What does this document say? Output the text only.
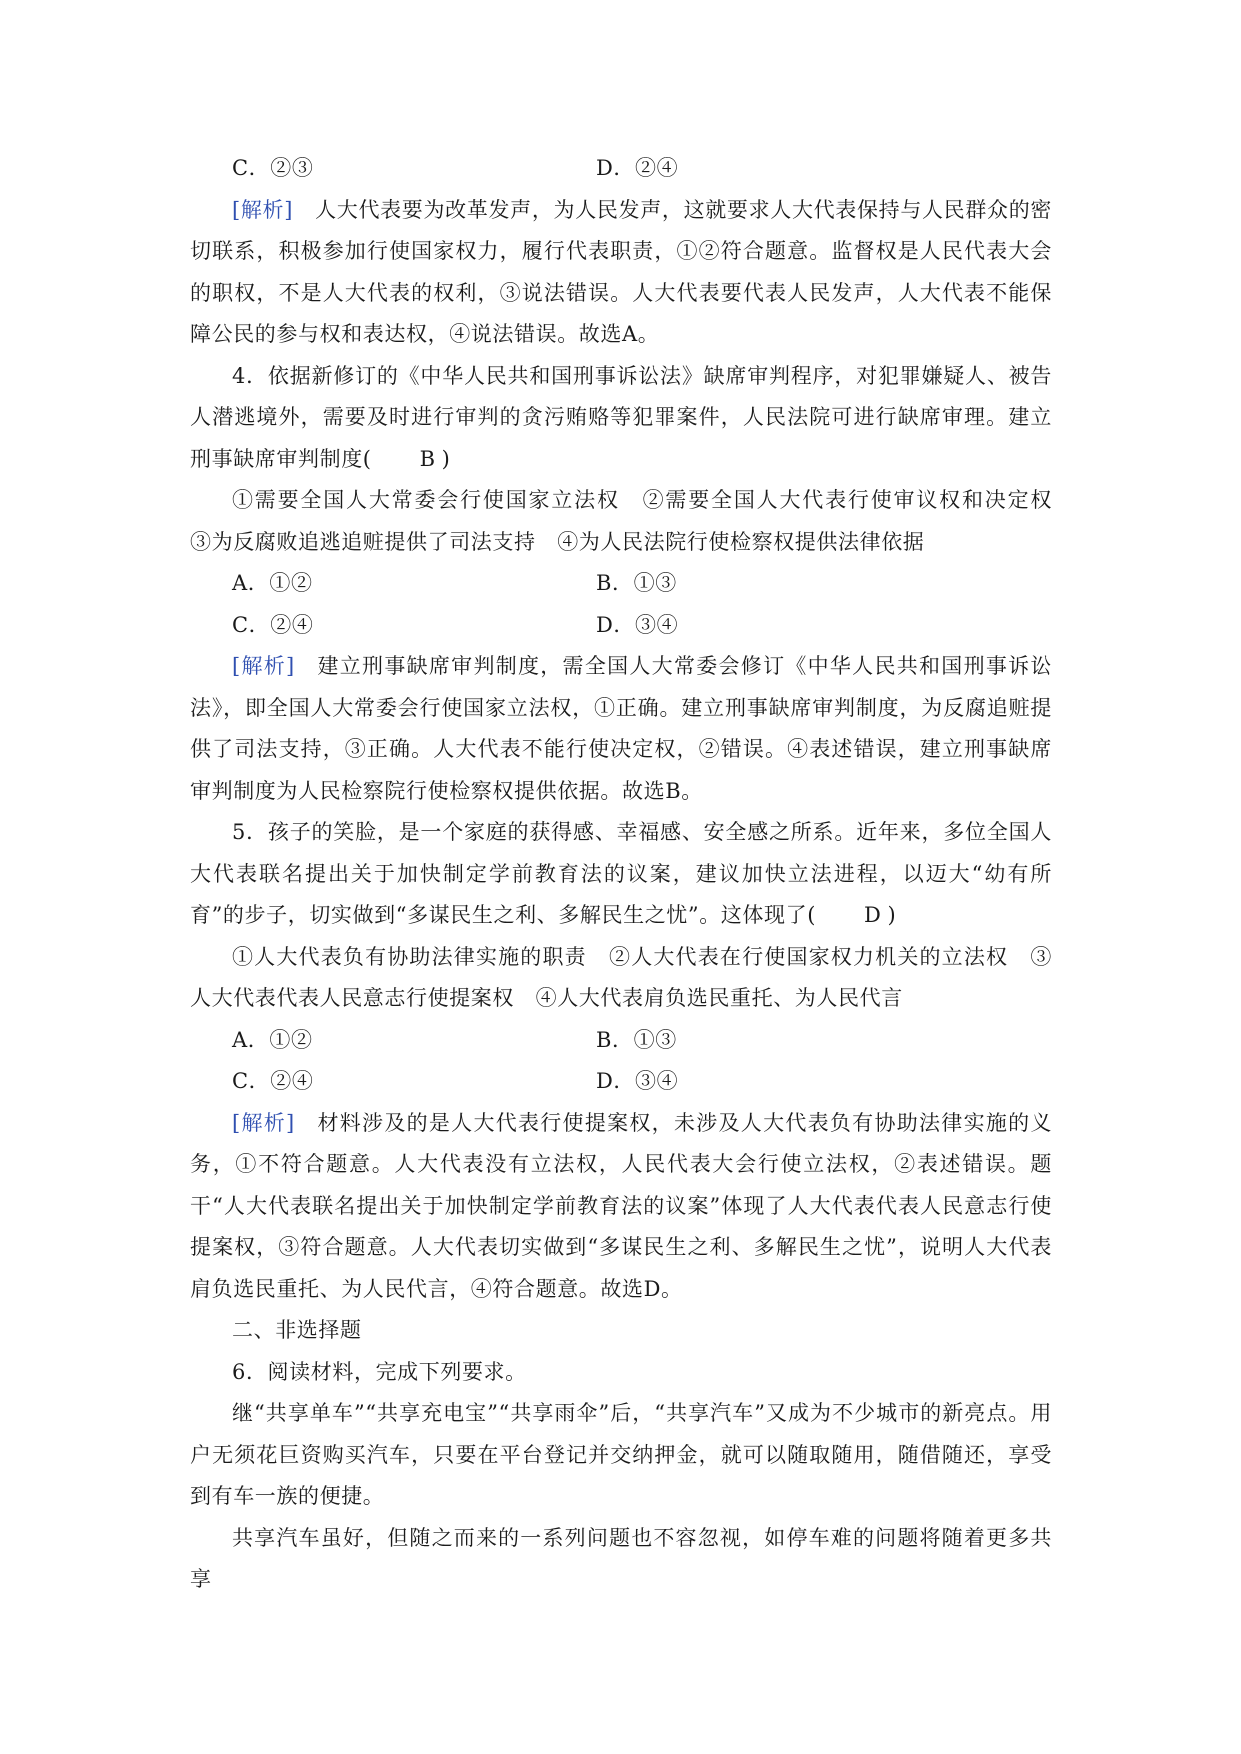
C．②③	D．②④
[解析] 人大代表要为改革发声，为人民发声，这就要求人大代表保持与人民群众的密切联系，积极参加行使国家权力，履行代表职责，①②符合题意。监督权是人民代表大会的职权，不是人大代表的权利，③说法错误。人大代表要代表人民发声，人大代表不能保障公民的参与权和表达权，④说法错误。故选A。
4．依据新修订的《中华人民共和国刑事诉讼法》缺席审判程序，对犯罪嫌疑人、被告人潜逃境外，需要及时进行审判的贪污贿赂等犯罪案件，人民法院可进行缺席审理。建立刑事缺席审判制度( B )
①需要全国人大常委会行使国家立法权　②需要全国人大代表行使审议权和决定权　③为反腐败追逃追赃提供了司法支持　④为人民法院行使检察权提供法律依据
A．①②	B．①③
C．②④	D．③④
[解析] 建立刑事缺席审判制度，需全国人大常委会修订《中华人民共和国刑事诉讼法》，即全国人大常委会行使国家立法权，①正确。建立刑事缺席审判制度，为反腐追赃提供了司法支持，③正确。人大代表不能行使决定权，②错误。④表述错误，建立刑事缺席审判制度为人民检察院行使检察权提供依据。故选B。
5．孩子的笑脸，是一个家庭的获得感、幸福感、安全感之所系。近年来，多位全国人大代表联名提出关于加快制定学前教育法的议案，建议加快立法进程，以迈大“幼有所育”的步子，切实做到“多谋民生之利、多解民生之忧”。这体现了( D )
①人大代表负有协助法律实施的职责　②人大代表在行使国家权力机关的立法权　③人大代表代表人民意志行使提案权　④人大代表肩负选民重托、为人民代言
A．①②	B．①③
C．②④	D．③④
[解析] 材料涉及的是人大代表行使提案权，未涉及人大代表负有协助法律实施的义务，①不符合题意。人大代表没有立法权，人民代表大会行使立法权，②表述错误。题干“人大代表联名提出关于加快制定学前教育法的议案”体现了人大代表代表人民意志行使提案权，③符合题意。人大代表切实做到“多谋民生之利、多解民生之忧”，说明人大代表肩负选民重托、为人民代言，④符合题意。故选D。
二、非选择题
6．阅读材料，完成下列要求。
继“共享单车”“共享充电宝”“共享雨伞”后，“共享汽车”又成为不少城市的新亮点。用户无须花巨资购买汽车，只要在平台登记并交纳押金，就可以随取随用，随借随还，享受到有车一族的便捷。
共享汽车虽好，但随之而来的一系列问题也不容忽视，如停车难的问题将随着更多共享
